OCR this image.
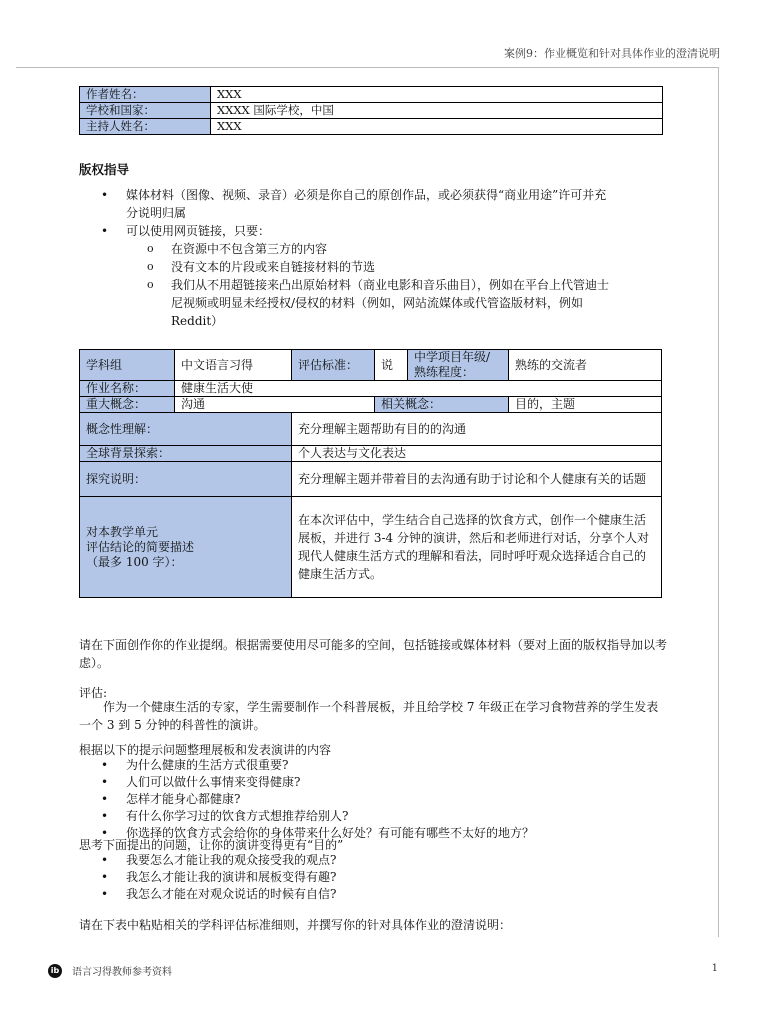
案例9：作业概览和针对具体作业的澄清说明
作者姓名：	XXX
学校和国家：	XXXX 国际学校，中国
主持人姓名：	XXX
版权指导
• 媒体材料（图像、视频、录音）必须是你自己的原创作品，或必须获得“商业用途”许可并充
分说明归属
• 可以使用网页链接，只要：
o 在资源中不包含第三方的内容
o 没有文本的片段或来自链接材料的节选
o 我们从不用超链接来凸出原始材料（商业电影和音乐曲目），例如在平台上代管迪士
尼视频或明显未经授权/侵权的材料（例如，网站流媒体或代管盗版材料，例如
Reddit）
学科组	中文语言习得	评估标准：	说	中学项目年级/熟练程度：	熟练的交流者
作业名称：	健康生活大使				
重大概念：	沟通		相关概念：		目的，主题
概念性理解：		充分理解主题帮助有目的的沟通			
全球背景探索：		个人表达与文化表达			
探究说明：		充分理解主题并带着目的去沟通有助于讨论和个人健康有关的话题			

对本教学单元
评估结论的简要描述
（最多 100 字）：		在本次评估中，学生结合自己选择的饮食方式，创作一个健康生活展板，并进行 3-4 分钟的演讲，然后和老师进行对话，分享个人对现代人健康生活方式的理解和看法，同时呼吁观众选择适合自己的健康生活方式。			
请在下面创作你的作业提纲。根据需要使用尽可能多的空间，包括链接或媒体材料（要对上面的版权指导加以考虑）。
评估:
作为一个健康生活的专家，学生需要制作一个科普展板，并且给学校 7 年级正在学习食物营养的学生发表一个 3 到 5 分钟的科普性的演讲。
根据以下的提示问题整理展板和发表演讲的内容
• 为什么健康的生活方式很重要?
• 人们可以做什么事情来变得健康?
• 怎样才能身心都健康?
• 有什么你学习过的饮食方式想推荐给别人?
• 你选择的饮食方式会给你的身体带来什么好处？有可能有哪些不太好的地方？
思考下面提出的问题，让你的演讲变得更有“目的”
• 我要怎么才能让我的观众接受我的观点?
• 我怎么才能让我的演讲和展板变得有趣?
• 我怎么才能在对观众说话的时候有自信?
请在下表中粘贴相关的学科评估标准细则，并撰写你的针对具体作业的澄清说明：
ib 语言习得教师参考资料	1
